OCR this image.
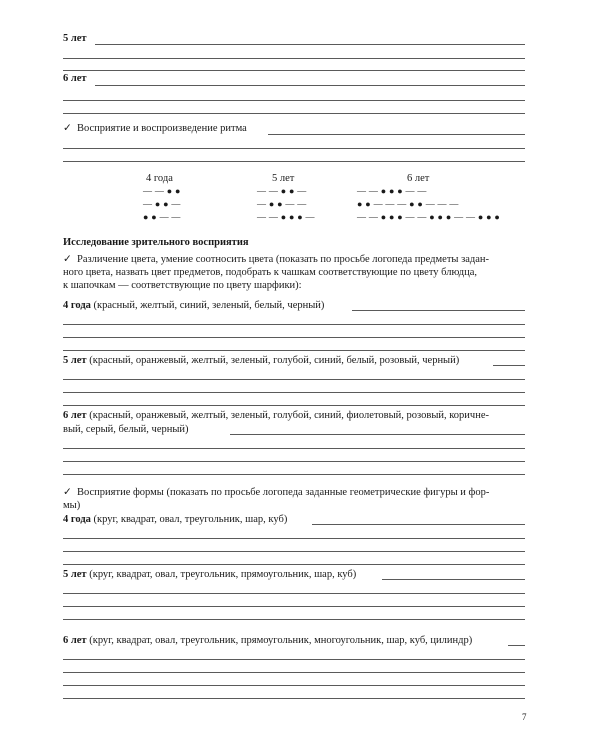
5 лет
6 лет
✓ Восприятие и воспроизведение ритма
4 года
— — ● ●
— ● ● —
● ● — —
5 лет
— — ● ● —
— ● ● — —
— — ● ● ● —
6 лет
— — ● ● ● — —
● ● — — — ● ● — — —
— — ● ● ● — — ● ● ● — — ● ● ●
Исследование зрительного восприятия
✓ Различение цвета, умение соотносить цвета (показать по просьбе логопеда предметы задан-
ного цвета, назвать цвет предметов, подобрать к чашкам соответствующие по цвету блюдца,
к шапочкам — соответствующие по цвету шарфики):
4 года (красный, желтый, синий, зеленый, белый, черный)
5 лет (красный, оранжевый, желтый, зеленый, голубой, синий, белый, розовый, черный)
6 лет (красный, оранжевый, желтый, зеленый, голубой, синий, фиолетовый, розовый, коричне-
вый, серый, белый, черный)
✓ Восприятие формы (показать по просьбе логопеда заданные геометрические фигуры и фор-
мы)
4 года (круг, квадрат, овал, треугольник, шар, куб)
5 лет (круг, квадрат, овал, треугольник, прямоугольник, шар, куб)
6 лет (круг, квадрат, овал, треугольник, прямоугольник, многоугольник, шар, куб, цилиндр)
7
